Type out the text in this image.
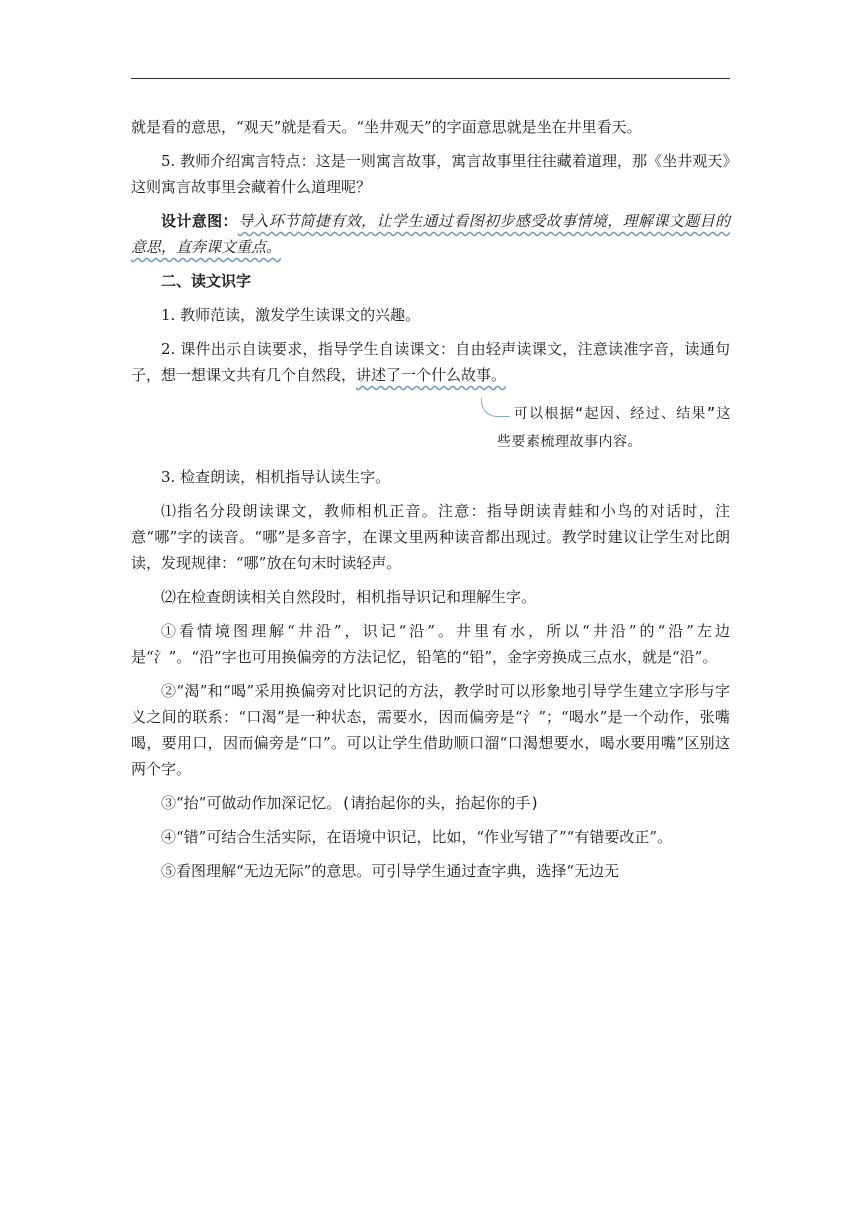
就是看的意思，“观天”就是看天。“坐井观天”的字面意思就是坐在井里看天。

5. 教师介绍寓言特点：这是一则寓言故事，寓言故事里往往藏着道理，那《坐井观天》这则寓言故事里会藏着什么道理呢？

设计意图：导入环节简捷有效，让学生通过看图初步感受故事情境，理解课文题目的意思，直奔课文重点。

二、读文识字

1. 教师范读，激发学生读课文的兴趣。

2. 课件出示自读要求，指导学生自读课文：自由轻声读课文，注意读准字音，读通句子，想一想课文共有几个自然段，讲述了一个什么故事。

可以根据“起因、经过、结果”这些要素梳理故事内容。

3. 检查朗读，相机指导认读生字。

⑴指名分段朗读课文，教师相机正音。注意：指导朗读青蛙和小鸟的对话时，注意“哪”字的读音。“哪”是多音字，在课文里两种读音都出现过。教学时建议让学生对比朗读，发现规律：“哪”放在句末时读轻声。

⑵在检查朗读相关自然段时，相机指导识记和理解生字。

①看情境图理解“井沿”，识记“沿”。井里有水，所以“井沿”的“沿”左边是“氵”。“沿”字也可用换偏旁的方法记忆，铅笔的“铅”，金字旁换成三点水，就是“沿”。

②“渴”和“喝”采用换偏旁对比识记的方法，教学时可以形象地引导学生建立字形与字义之间的联系：“口渴”是一种状态，需要水，因而偏旁是“氵”；“喝水”是一个动作，张嘴喝，要用口，因而偏旁是“口”。可以让学生借助顺口溜“口渴想要水，喝水要用嘴”区别这两个字。

③“抬”可做动作加深记忆。(请抬起你的头，抬起你的手)

④“错”可结合生活实际，在语境中识记，比如，“作业写错了”“有错要改正”。

⑤看图理解“无边无际”的意思。可引导学生通过查字典，选择“无边无
